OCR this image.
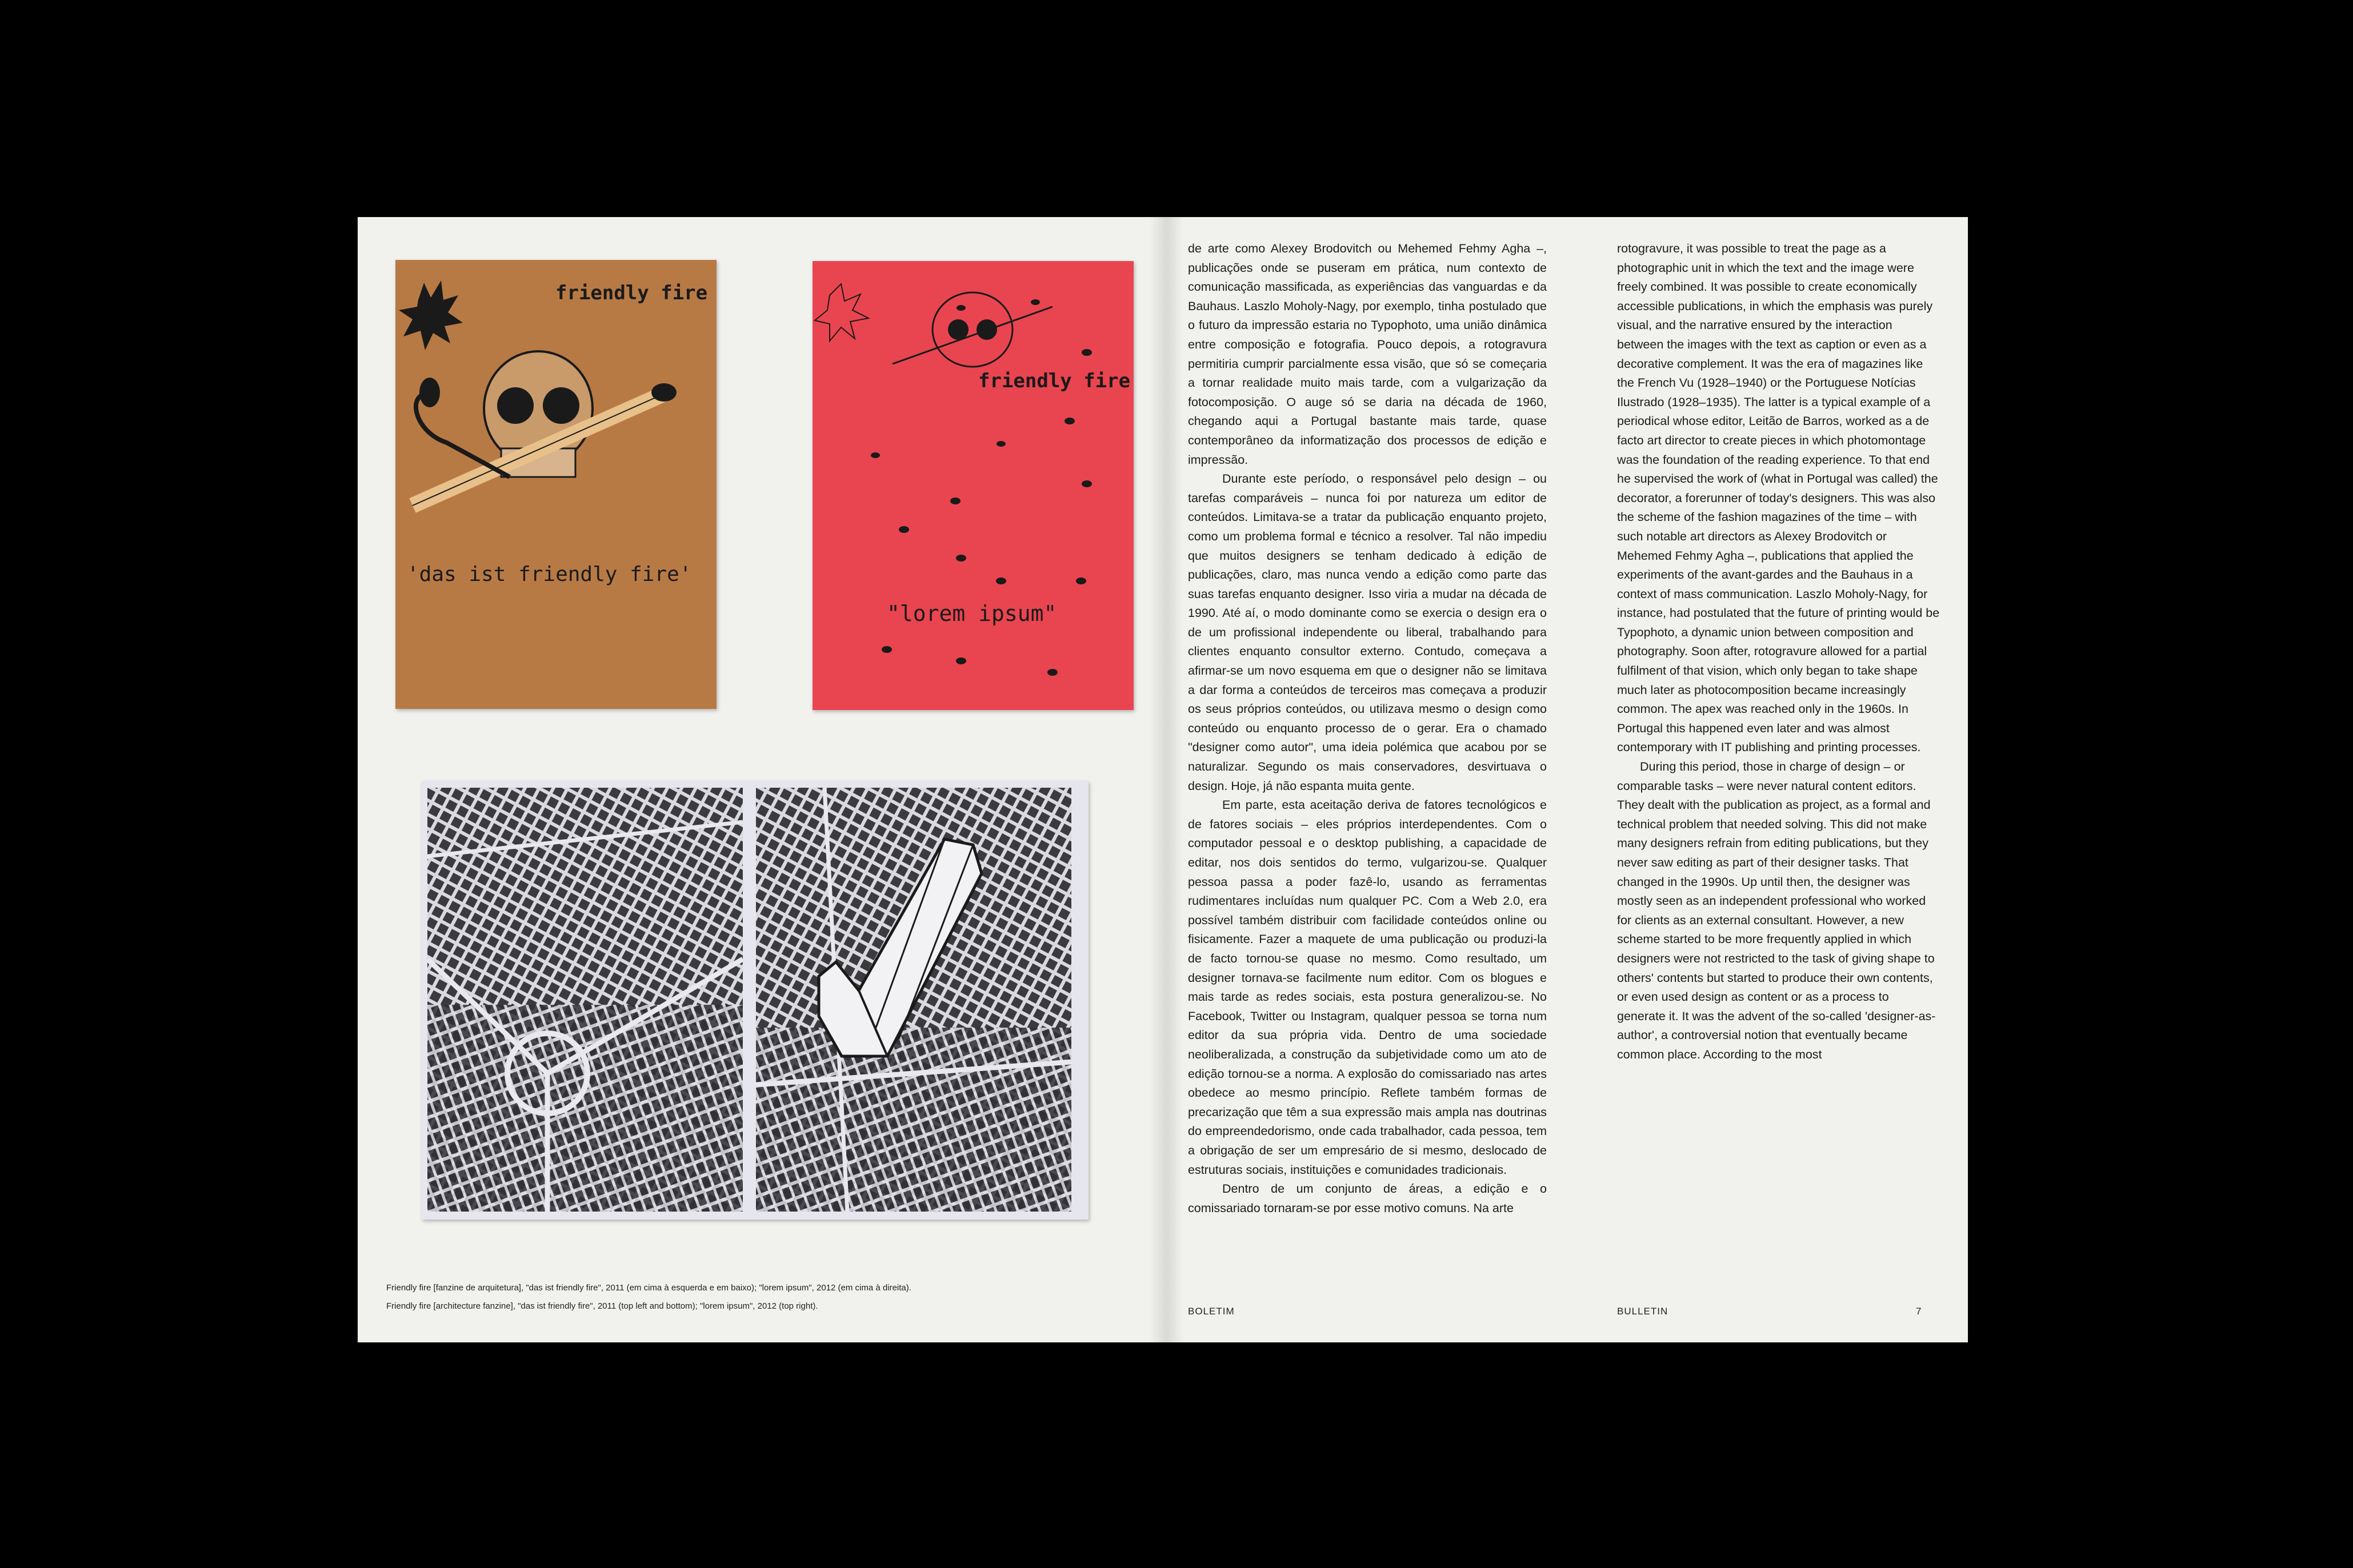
friendly fire
'das ist friendly fire'
friendly fire
"lorem ipsum"
Friendly fire [fanzine de arquitetura], "das ist friendly fire", 2011 (em cima à esquerda e em baixo); "lorem ipsum", 2012 (em cima à direita).
Friendly fire [architecture fanzine], "das ist friendly fire", 2011 (top left and bottom); "lorem ipsum", 2012 (top right).

de arte como Alexey Brodovitch ou Mehemed Fehmy Agha –, publicações onde se puseram em prática, num contexto de comunicação massificada, as experiências das vanguardas e da Bauhaus. Laszlo Moholy-Nagy, por exemplo, tinha postulado que o futuro da impressão estaria no Typophoto, uma união dinâmica entre composição e fotografia. Pouco depois, a rotogravura permitiria cumprir parcialmente essa visão, que só se começaria a tornar realidade muito mais tarde, com a vulgarização da fotocomposição. O auge só se daria na década de 1960, chegando aqui a Portugal bastante mais tarde, quase contemporâneo da informatização dos processos de edição e impressão.

Durante este período, o responsável pelo design – ou tarefas comparáveis – nunca foi por natureza um editor de conteúdos. Limitava-se a tratar da publicação enquanto projeto, como um problema formal e técnico a resolver. Tal não impediu que muitos designers se tenham dedicado à edição de publicações, claro, mas nunca vendo a edição como parte das suas tarefas enquanto designer. Isso viria a mudar na década de 1990. Até aí, o modo dominante como se exercia o design era o de um profissional independente ou liberal, trabalhando para clientes enquanto consultor externo. Contudo, começava a afirmar-se um novo esquema em que o designer não se limitava a dar forma a conteúdos de terceiros mas começava a produzir os seus próprios conteúdos, ou utilizava mesmo o design como conteúdo ou enquanto processo de o gerar. Era o chamado "designer como autor", uma ideia polémica que acabou por se naturalizar. Segundo os mais conservadores, desvirtuava o design. Hoje, já não espanta muita gente.

Em parte, esta aceitação deriva de fatores tecnológicos e de fatores sociais – eles próprios interdependentes. Com o computador pessoal e o desktop publishing, a capacidade de editar, nos dois sentidos do termo, vulgarizou-se. Qualquer pessoa passa a poder fazê-lo, usando as ferramentas rudimentares incluídas num qualquer PC. Com a Web 2.0, era possível também distribuir com facilidade conteúdos online ou fisicamente. Fazer a maquete de uma publicação ou produzi-la de facto tornou-se quase no mesmo. Como resultado, um designer tornava-se facilmente num editor. Com os blogues e mais tarde as redes sociais, esta postura generalizou-se. No Facebook, Twitter ou Instagram, qualquer pessoa se torna num editor da sua própria vida. Dentro de uma sociedade neoliberalizada, a construção da subjetividade como um ato de edição tornou-se a norma. A explosão do comissariado nas artes obedece ao mesmo princípio. Reflete também formas de precarização que têm a sua expressão mais ampla nas doutrinas do empreendedorismo, onde cada trabalhador, cada pessoa, tem a obrigação de ser um empresário de si mesmo, deslocado de estruturas sociais, instituições e comunidades tradicionais.

Dentro de um conjunto de áreas, a edição e o comissariado tornaram-se por esse motivo comuns. Na arte

rotogravure, it was possible to treat the page as a photographic unit in which the text and the image were freely combined. It was possible to create economically accessible publications, in which the emphasis was purely visual, and the narrative ensured by the interaction between the images with the text as caption or even as a decorative complement. It was the era of magazines like the French Vu (1928–1940) or the Portuguese Notícias Ilustrado (1928–1935). The latter is a typical example of a periodical whose editor, Leitão de Barros, worked as a de facto art director to create pieces in which photomontage was the foundation of the reading experience. To that end he supervised the work of (what in Portugal was called) the decorator, a forerunner of today's designers. This was also the scheme of the fashion magazines of the time – with such notable art directors as Alexey Brodovitch or Mehemed Fehmy Agha –, publications that applied the experiments of the avant-gardes and the Bauhaus in a context of mass communication. Laszlo Moholy-Nagy, for instance, had postulated that the future of printing would be Typophoto, a dynamic union between composition and photography. Soon after, rotogravure allowed for a partial fulfilment of that vision, which only began to take shape much later as photocomposition became increasingly common. The apex was reached only in the 1960s. In Portugal this happened even later and was almost contemporary with IT publishing and printing processes.

During this period, those in charge of design – or comparable tasks – were never natural content editors. They dealt with the publication as project, as a formal and technical problem that needed solving. This did not make many designers refrain from editing publications, but they never saw editing as part of their designer tasks. That changed in the 1990s. Up until then, the designer was mostly seen as an independent professional who worked for clients as an external consultant. However, a new scheme started to be more frequently applied in which designers were not restricted to the task of giving shape to others' contents but started to produce their own contents, or even used design as content or as a process to generate it. It was the advent of the so-called 'designer-as-author', a controversial notion that eventually became common place. According to the most

BOLETIM	BULLETIN	7
